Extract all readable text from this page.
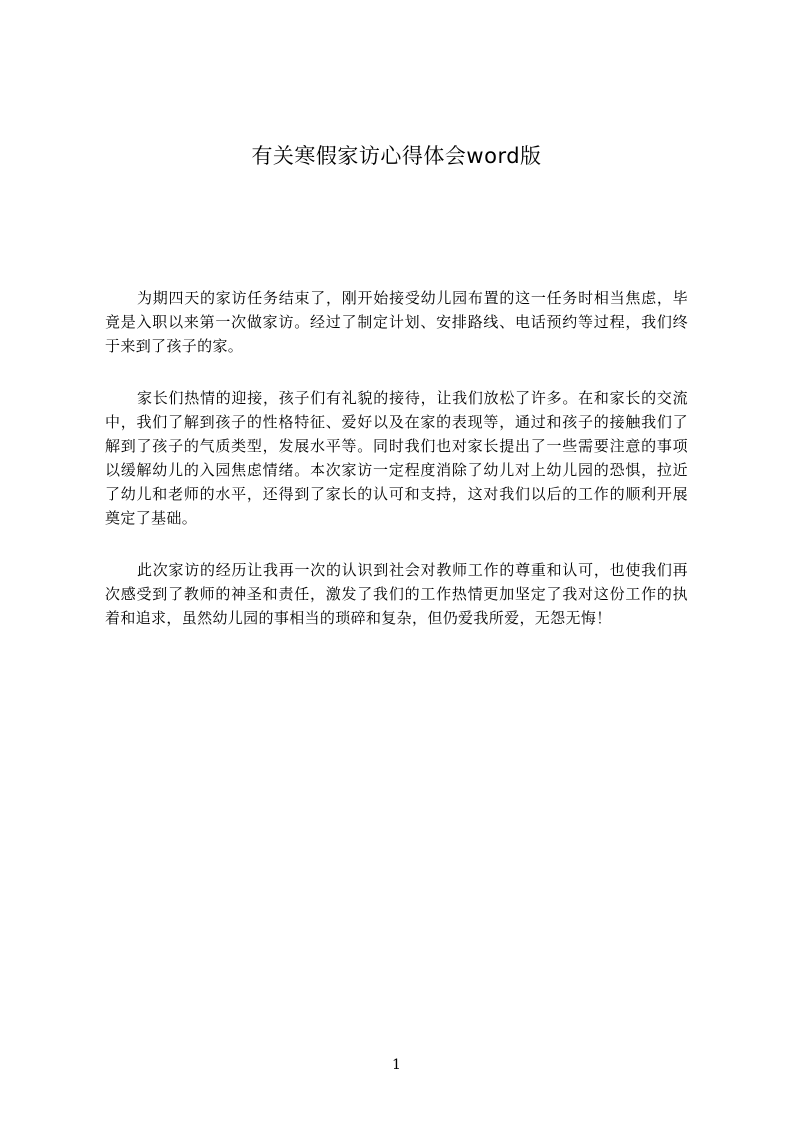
有关寒假家访心得体会word版

为期四天的家访任务结束了，刚开始接受幼儿园布置的这一任务时相当焦虑，毕竟是入职以来第一次做家访。经过了制定计划、安排路线、电话预约等过程，我们终于来到了孩子的家。

家长们热情的迎接，孩子们有礼貌的接待，让我们放松了许多。在和家长的交流中，我们了解到孩子的性格特征、爱好以及在家的表现等，通过和孩子的接触我们了解到了孩子的气质类型，发展水平等。同时我们也对家长提出了一些需要注意的事项以缓解幼儿的入园焦虑情绪。本次家访一定程度消除了幼儿对上幼儿园的恐惧，拉近了幼儿和老师的水平，还得到了家长的认可和支持，这对我们以后的工作的顺利开展奠定了基础。

此次家访的经历让我再一次的认识到社会对教师工作的尊重和认可，也使我们再次感受到了教师的神圣和责任，激发了我们的工作热情更加坚定了我对这份工作的执着和追求，虽然幼儿园的事相当的琐碎和复杂，但仍爱我所爱，无怨无悔！

1
